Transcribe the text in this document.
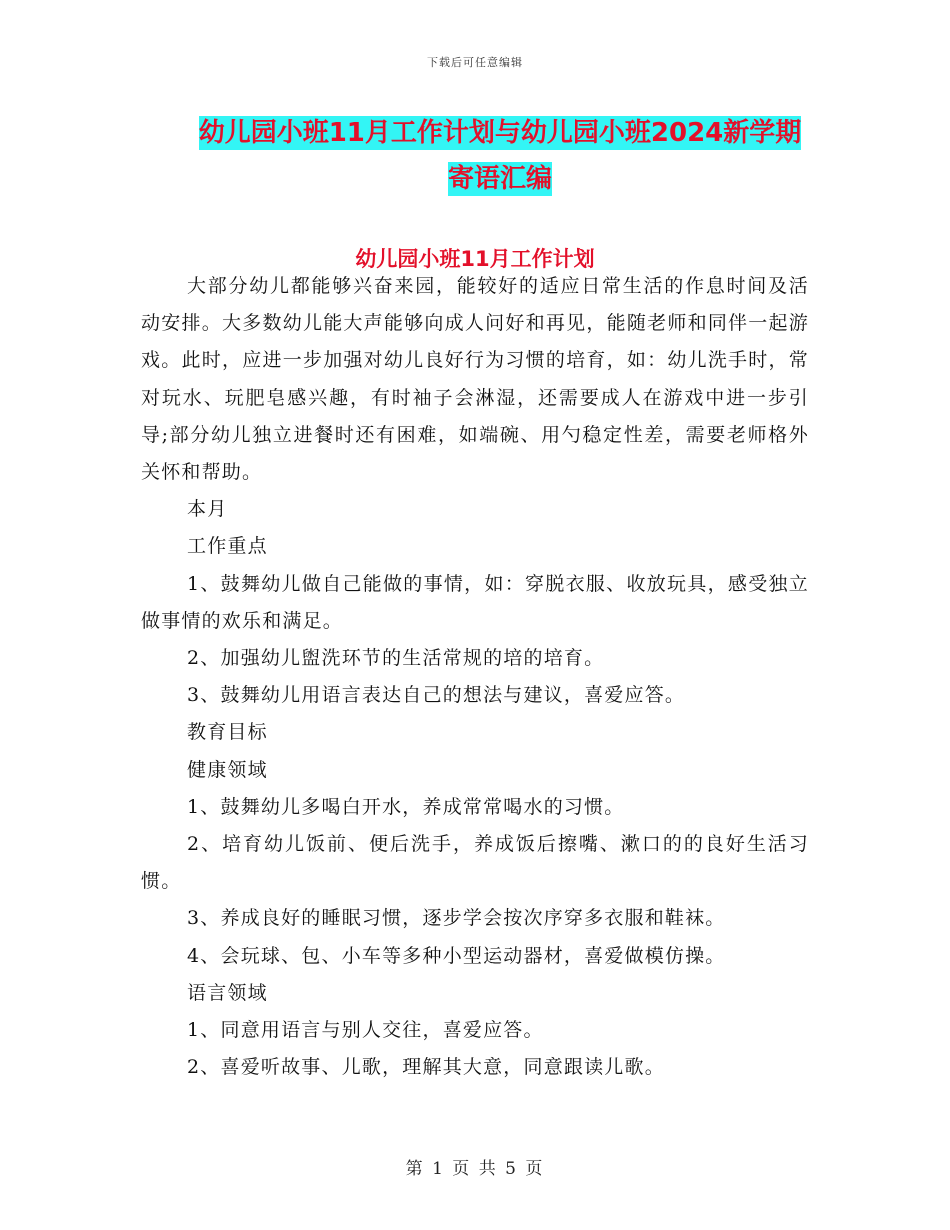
下载后可任意编辑
幼儿园小班11月工作计划与幼儿园小班2024新学期
寄语汇编
幼儿园小班11月工作计划

大部分幼儿都能够兴奋来园，能较好的适应日常生活的作息时间及活动安排。大多数幼儿能大声能够向成人问好和再见，能随老师和同伴一起游戏。此时，应进一步加强对幼儿良好行为习惯的培育，如：幼儿洗手时，常对玩水、玩肥皂感兴趣，有时袖子会淋湿，还需要成人在游戏中进一步引导;部分幼儿独立进餐时还有困难，如端碗、用勺稳定性差，需要老师格外关怀和帮助。

本月

工作重点

1、鼓舞幼儿做自己能做的事情，如：穿脱衣服、收放玩具，感受独立做事情的欢乐和满足。

2、加强幼儿盥洗环节的生活常规的培的培育。

3、鼓舞幼儿用语言表达自己的想法与建议，喜爱应答。

教育目标

健康领域

1、鼓舞幼儿多喝白开水，养成常常喝水的习惯。

2、培育幼儿饭前、便后洗手，养成饭后擦嘴、漱口的的良好生活习惯。

3、养成良好的睡眠习惯，逐步学会按次序穿多衣服和鞋袜。

4、会玩球、包、小车等多种小型运动器材，喜爱做模仿操。

语言领域

1、同意用语言与别人交往，喜爱应答。

2、喜爱听故事、儿歌，理解其大意，同意跟读儿歌。

第 1 页 共 5 页
